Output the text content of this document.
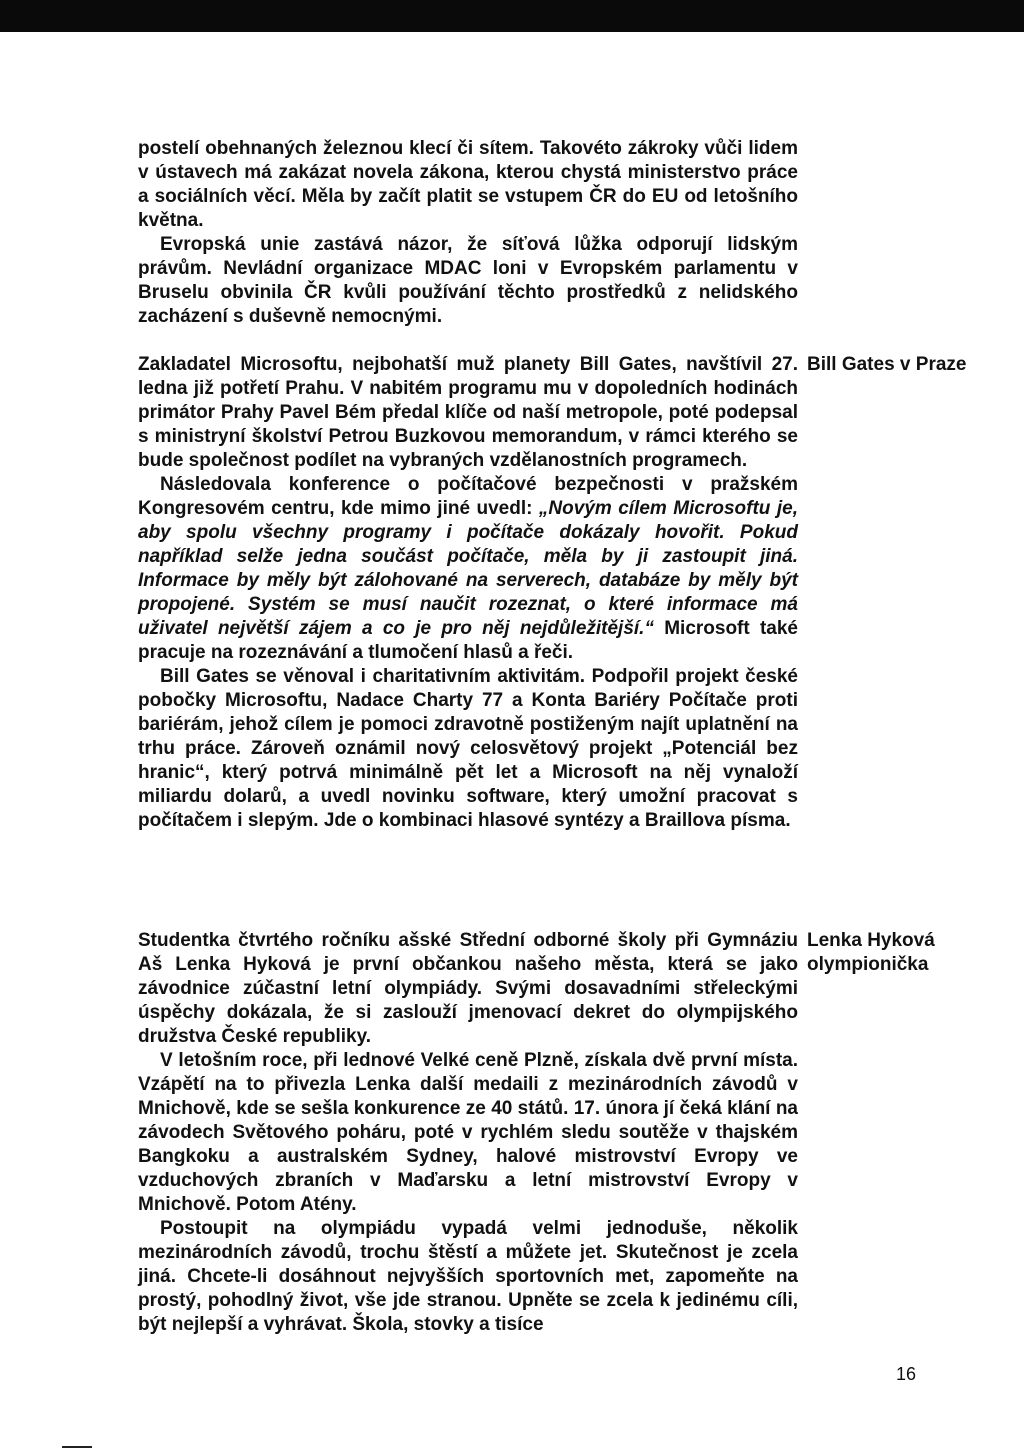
postelí obehnaných železnou klecí či sítem. Takovéto zákroky vůči lidem v ústavech má zakázat novela zákona, kterou chystá ministerstvo práce a sociálních věcí. Měla by začít platit se vstupem ČR do EU od letošního května.

Evropská unie zastává názor, že síťová lůžka odporují lidským právům. Nevládní organizace MDAC loni v Evropském parlamentu v Bruselu obvinila ČR kvůli používání těchto prostředků z nelidského zacházení s duševně nemocnými.

Bill Gates v Praze

Zakladatel Microsoftu, nejbohatší muž planety Bill Gates, navštívil 27. ledna již potřetí Prahu. V nabitém programu mu v dopoledních hodinách primátor Prahy Pavel Bém předal klíče od naší metropole, poté podepsal s ministryní školství Petrou Buzkovou memorandum, v rámci kterého se bude společnost podílet na vybraných vzdělanostních programech.

Následovala konference o počítačové bezpečnosti v pražském Kongresovém centru, kde mimo jiné uvedl: „Novým cílem Microsoftu je, aby spolu všechny programy i počítače dokázaly hovořit. Pokud například selže jedna součást počítače, měla by ji zastoupit jiná. Informace by měly být zálohované na serverech, databáze by měly být propojené. Systém se musí naučit rozeznat, o které informace má uživatel největší zájem a co je pro něj nejdůležitější.“ Microsoft také pracuje na rozeznávání a tlumočení hlasů a řeči.

Bill Gates se věnoval i charitativním aktivitám. Podpořil projekt české pobočky Microsoftu, Nadace Charty 77 a Konta Bariéry Počítače proti bariérám, jehož cílem je pomoci zdravotně postiženým najít uplatnění na trhu práce. Zároveň oznámil nový celosvětový projekt „Potenciál bez hranic“, který potrvá minimálně pět let a Microsoft na něj vynaloží miliardu dolarů, a uvedl novinku software, který umožní pracovat s počítačem i slepým. Jde o kombinaci hlasové syntézy a Braillova písma.

Lenka Hyková
olympionička

Studentka čtvrtého ročníku ašské Střední odborné školy při Gymnáziu Aš Lenka Hyková je první občankou našeho města, která se jako závodnice zúčastní letní olympiády. Svými dosavadními střeleckými úspěchy dokázala, že si zaslouží jmenovací dekret do olympijského družstva České republiky.

V letošním roce, při lednové Velké ceně Plzně, získala dvě první místa. Vzápětí na to přivezla Lenka další medaili z mezinárodních závodů v Mnichově, kde se sešla konkurence ze 40 států. 17. února jí čeká klání na závodech Světového poháru, poté v rychlém sledu soutěže v thajském Bangkoku a australském Sydney, halové mistrovství Evropy ve vzduchových zbraních v Maďarsku a letní mistrovství Evropy v Mnichově. Potom Atény.

Postoupit na olympiádu vypadá velmi jednoduše, několik mezinárodních závodů, trochu štěstí a můžete jet. Skutečnost je zcela jiná. Chcete-li dosáhnout nejvyšších sportovních met, zapomeňte na prostý, pohodlný život, vše jde stranou. Upněte se zcela k jedinému cíli, být nejlepší a vyhrávat. Škola, stovky a tisíce

16
